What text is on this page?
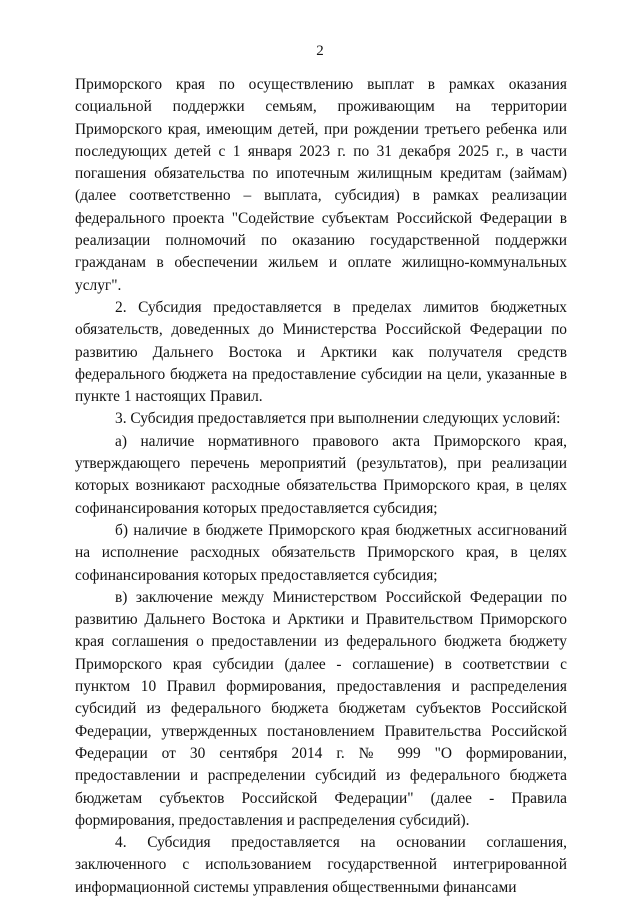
2

Приморского края по осуществлению выплат в рамках оказания социальной поддержки семьям, проживающим на территории Приморского края, имеющим детей, при рождении третьего ребенка или последующих детей с 1 января 2023 г. по 31 декабря 2025 г., в части погашения обязательства по ипотечным жилищным кредитам (займам) (далее соответственно – выплата, субсидия) в рамках реализации федерального проекта "Содействие субъектам Российской Федерации в реализации полномочий по оказанию государственной поддержки гражданам в обеспечении жильем и оплате жилищно-коммунальных услуг".

2. Субсидия предоставляется в пределах лимитов бюджетных обязательств, доведенных до Министерства Российской Федерации по развитию Дальнего Востока и Арктики как получателя средств федерального бюджета на предоставление субсидии на цели, указанные в пункте 1 настоящих Правил.

3. Субсидия предоставляется при выполнении следующих условий:

а) наличие нормативного правового акта Приморского края, утверждающего перечень мероприятий (результатов), при реализации которых возникают расходные обязательства Приморского края, в целях софинансирования которых предоставляется субсидия;

б) наличие в бюджете Приморского края бюджетных ассигнований на исполнение расходных обязательств Приморского края, в целях софинансирования которых предоставляется субсидия;

в) заключение между Министерством Российской Федерации по развитию Дальнего Востока и Арктики и Правительством Приморского края соглашения о предоставлении из федерального бюджета бюджету Приморского края субсидии (далее - соглашение) в соответствии с пунктом 10 Правил формирования, предоставления и распределения субсидий из федерального бюджета бюджетам субъектов Российской Федерации, утвержденных постановлением Правительства Российской Федерации от 30 сентября 2014 г. № 999 "О формировании, предоставлении и распределении субсидий из федерального бюджета бюджетам субъектов Российской Федерации" (далее - Правила формирования, предоставления и распределения субсидий).

4. Субсидия предоставляется на основании соглашения, заключенного с использованием государственной интегрированной информационной системы управления общественными финансами
